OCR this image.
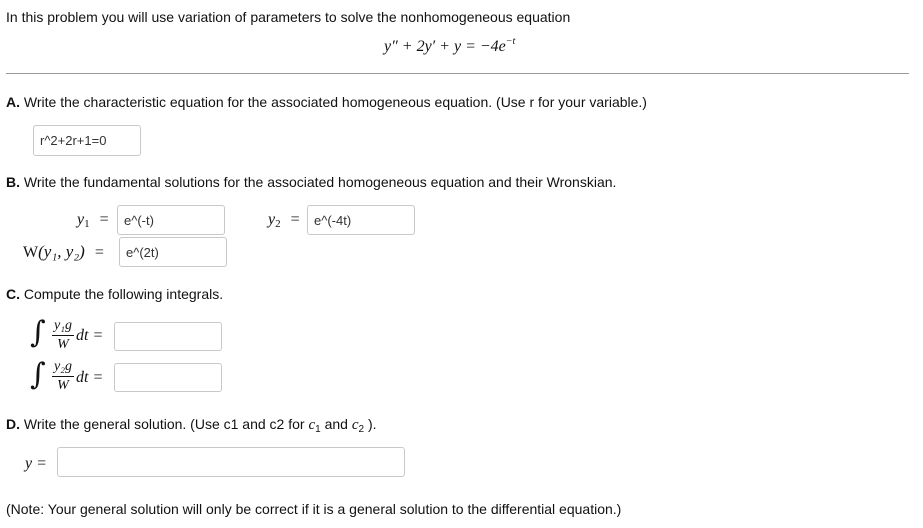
In this problem you will use variation of parameters to solve the nonhomogeneous equation
$y'' + 2y' + y = -4e^{-t}$
A. Write the characteristic equation for the associated homogeneous equation. (Use r for your variable.)
r^2+2r+1=0
B. Write the fundamental solutions for the associated homogeneous equation and their Wronskian.
y1 =
e^(-t)	y2 =
e^(-4t)
W(y₁, y₂) =
e^(2t)
C. Compute the following integrals.
∫ y₁g
W
dt =
∫ y₂g
W dt =
D. Write the general solution. (Use c1 and c2 for $c_1$ and $c_2$ ).
y =
(Note: Your general solution will only be correct if it is a general solution to the differential equation.)
